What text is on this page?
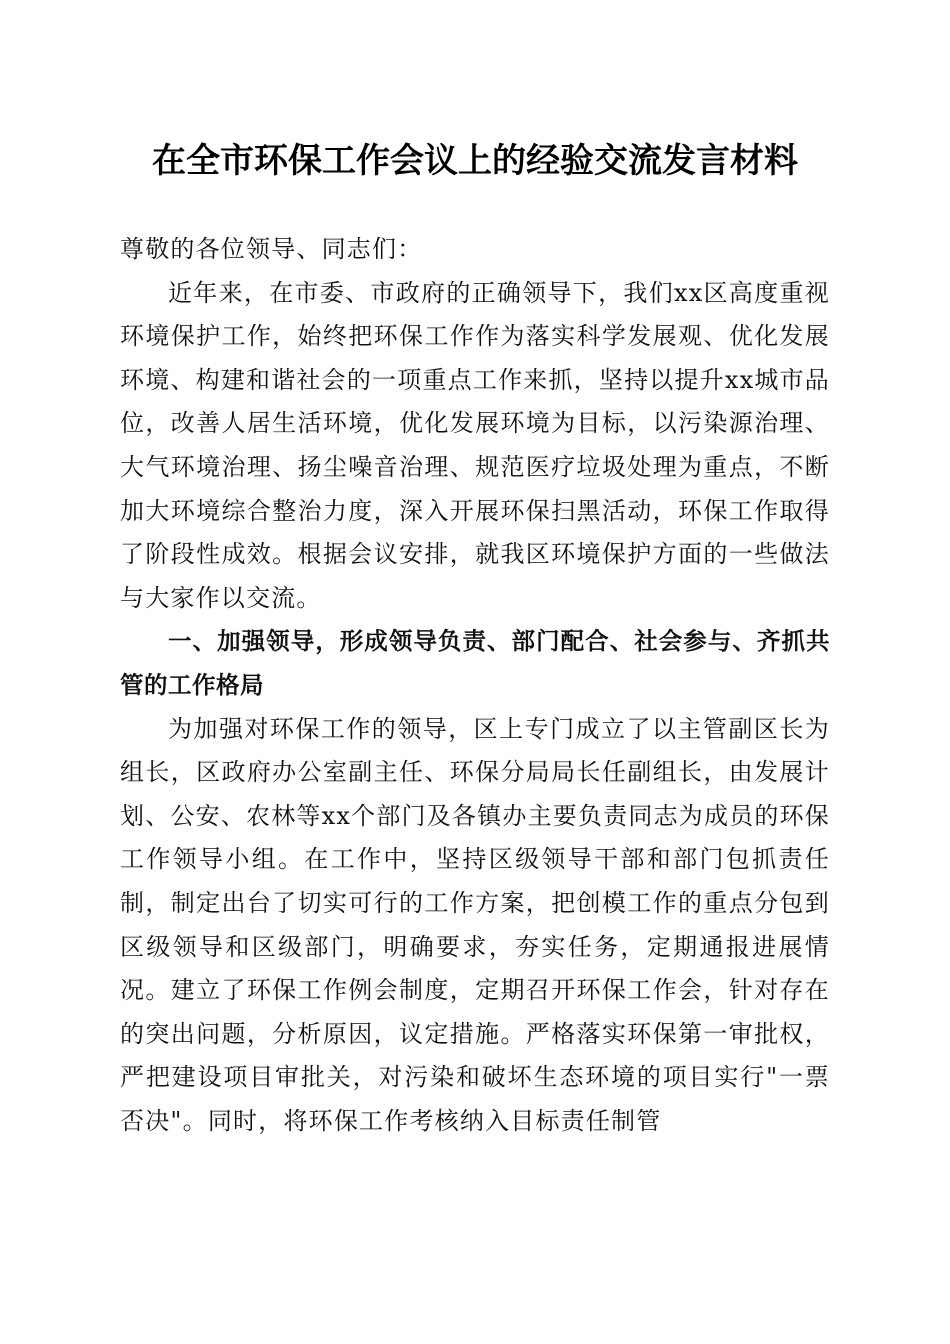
在全市环保工作会议上的经验交流发言材料

尊敬的各位领导、同志们：

近年来，在市委、市政府的正确领导下，我们xx区高度重视环境保护工作，始终把环保工作作为落实科学发展观、优化发展环境、构建和谐社会的一项重点工作来抓，坚持以提升xx城市品位，改善人居生活环境，优化发展环境为目标，以污染源治理、大气环境治理、扬尘噪音治理、规范医疗垃圾处理为重点，不断加大环境综合整治力度，深入开展环保扫黑活动，环保工作取得了阶段性成效。根据会议安排，就我区环境保护方面的一些做法与大家作以交流。

一、加强领导，形成领导负责、部门配合、社会参与、齐抓共管的工作格局

为加强对环保工作的领导，区上专门成立了以主管副区长为组长，区政府办公室副主任、环保分局局长任副组长，由发展计划、公安、农林等xx个部门及各镇办主要负责同志为成员的环保工作领导小组。在工作中，坚持区级领导干部和部门包抓责任制，制定出台了切实可行的工作方案，把创模工作的重点分包到区级领导和区级部门，明确要求，夯实任务，定期通报进展情况。建立了环保工作例会制度，定期召开环保工作会，针对存在的突出问题，分析原因，议定措施。严格落实环保第一审批权，严把建设项目审批关，对污染和破坏生态环境的项目实行"一票否决"。同时，将环保工作考核纳入目标责任制管
